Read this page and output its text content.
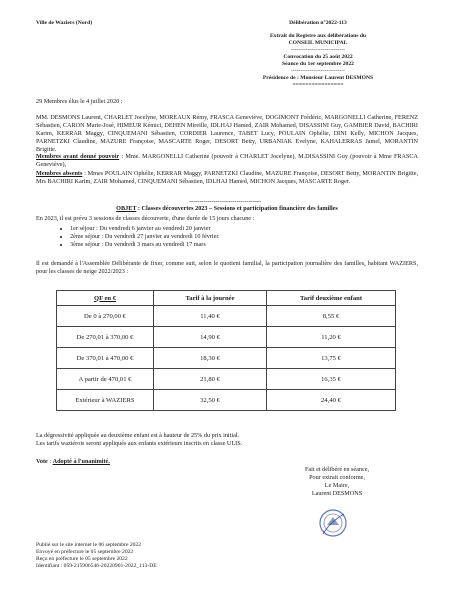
Ville de Waziers (Nord)	Délibération n°2022-113
Extrait du Registre aux délibérations du
CONSEIL MUNICIPAL
-----------------------------
Convocation du 25 août 2022
Séance du 1er septembre 2022
-----------------------------
Présidence de : Monsieur Laurent DESMONS
================
29 Membres élus le 4 juillet 2020 :
MM. DESMONS Laurent, CHARLET Jocelyne, MOREAUX Rémy, FRASCA Geneviève, DOGIMONT Frédéric, MARGONELLI Catherine, FERENZ Sébastien, CARON Marie-José, HIMEUR Kémici, DEHEN Mireille, IDLHAJ Hamed, ZAIR Mohamed, DISASSINI Guy, GAMBIER David, BACHIRI Karim, KERRAR Maggy, CINQUEMANI Sébastien, CORDIER Laurence, TABET Lucy, POULAIN Ophélie, DINI Kelly, MICHON Jacques, PARNETZKI Claudine, MAZURE Françoise, MASCARTE Roger, DESORT Betty, URBANIAK Evelyne, KAHALERRAS Jamel, MORANTIN Brigitte.
Membres ayant donné pouvoir : Mme. MARGONELLI Catherine (pouvoir à CHARLET Jocelyne), M.DISASSINI Guy (pouvoir à Mme FRASCA Geneviève),
Membres absents : Mmes POULAIN Ophélie, KERRAR Maggy, PARNETZKI Claudine, MAZURE Françoise, DESORT Betty, MORANTIN Brigitte, Mrs BACHIRI Karim, ZAIR Mohamed, CINQUEMANI Sébastien, IDLHAJ Hamed, MICHON Jacques, MASCARTE Roger.
-----------------------------------
OBJET : Classes découvertes 2023 – Sessions et participation financière des familles
En 2023, il est prévu 3 sessions de classes découverte, d'une durée de 15 jours chacune :
• 1er séjour : Du vendredi 6 janvier au vendredi 20 janvier
• 2ème séjour : Du vendredi 27 janvier au vendredi 10 février.
• 3ème séjour : Du vendredi 3 mars au vendredi 17 mars
Il est demandé à l'Assemblée Délibérante de fixer, comme suit, selon le quotient familial, la participation journalière des familles, habitant WAZIERS, pour les classes de neige 2022/2023 :
QF en €	Tarif à la journée	Tarif deuxième enfant
De 0 à 270,00 €	11,40 €	8,55 €
De 270,01 à 370,00 €	14,90 €	11,20 €
De 370,01 à 470,00 €	18,30 €	13,75 €
A partir de 470,01 €	21,80 €	16,35 €
Extérieur à WAZIERS	32,50 €	24,40 €
La dégressivité appliquée au deuxième enfant est à hauteur de 25% du prix initial.
Les tarifs waziérois seront appliqués aux enfants extérieurs inscrits en classe ULIS.
Vote : Adopté à l'unanimité.
Fait et délibéré en séance,
Pour extrait conforme,
Le Maire,
Laurent DESMONS
Publié sur le site internet le 06 septembre 2022
Envoyé en préfecture le 05 septembre 2022
Reçu en préfecture le 05 septembre 2022
Identifiant : 059-215906546-20220901-2022_113-DE
